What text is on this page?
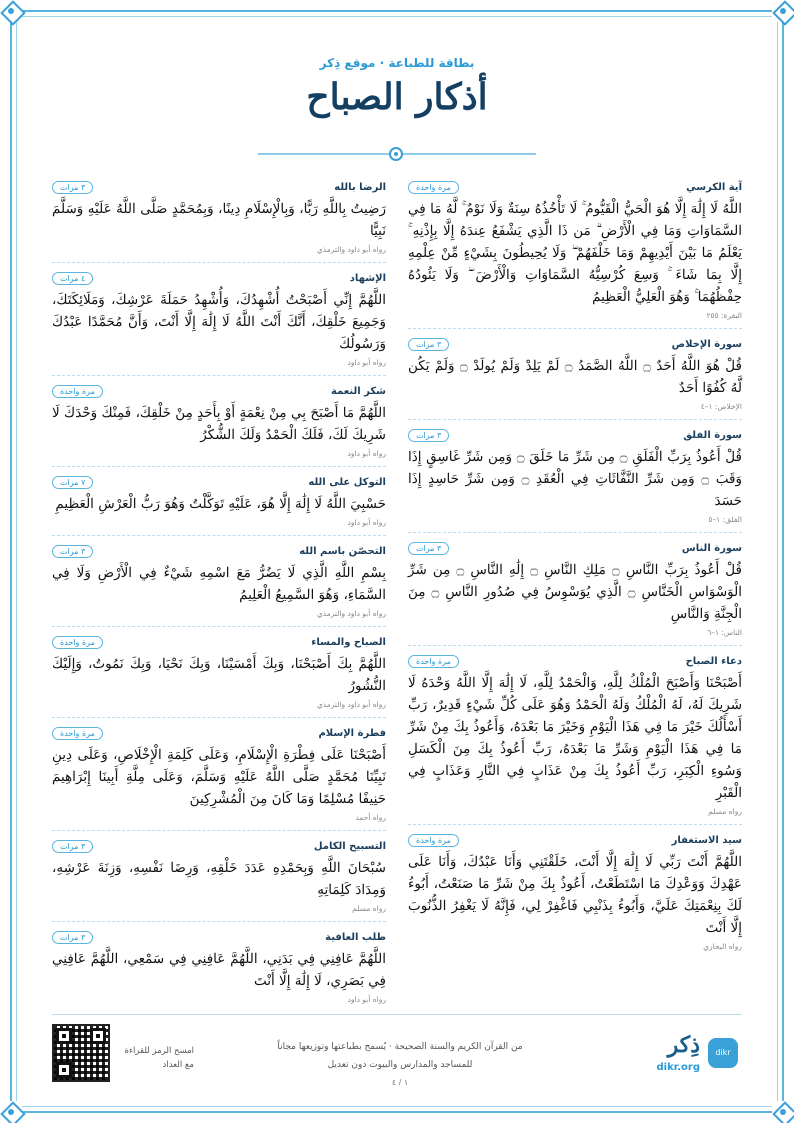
بطاقة للطباعة · موقع ذِكر
أذكار الصباح
آية الكرسي
مرة واحدة
اللَّهُ لَا إِلَٰهَ إِلَّا هُوَ الْحَيُّ الْقَيُّومُ ۚ لَا تَأْخُذُهُ سِنَةٌ وَلَا نَوْمٌ ۚ لَّهُ مَا فِي السَّمَاوَاتِ وَمَا فِي الْأَرْضِ ۗ مَن ذَا الَّذِي يَشْفَعُ عِندَهُ إِلَّا بِإِذْنِهِ ۚ يَعْلَمُ مَا بَيْنَ أَيْدِيهِمْ وَمَا خَلْفَهُمْ ۖ وَلَا يُحِيطُونَ بِشَيْءٍ مِّنْ عِلْمِهِ إِلَّا بِمَا شَاءَ ۚ وَسِعَ كُرْسِيُّهُ السَّمَاوَاتِ وَالْأَرْضَ ۖ وَلَا يَئُودُهُ حِفْظُهُمَا ۚ وَهُوَ الْعَلِيُّ الْعَظِيمُ
البقرة: ٢٥٥
سورة الإخلاص
٣ مرات
قُلْ هُوَ اللَّهُ أَحَدٌ ۝ اللَّهُ الصَّمَدُ ۝ لَمْ يَلِدْ وَلَمْ يُولَدْ ۝ وَلَمْ يَكُن لَّهُ كُفُوًا أَحَدٌ
الإخلاص: ١–٤
سورة الفلق
٣ مرات
قُلْ أَعُوذُ بِرَبِّ الْفَلَقِ ۝ مِن شَرِّ مَا خَلَقَ ۝ وَمِن شَرِّ غَاسِقٍ إِذَا وَقَبَ ۝ وَمِن شَرِّ النَّفَّاثَاتِ فِي الْعُقَدِ ۝ وَمِن شَرِّ حَاسِدٍ إِذَا حَسَدَ
الفلق: ١–٥
سورة الناس
٣ مرات
قُلْ أَعُوذُ بِرَبِّ النَّاسِ ۝ مَلِكِ النَّاسِ ۝ إِلَٰهِ النَّاسِ ۝ مِن شَرِّ الْوَسْوَاسِ الْخَنَّاسِ ۝ الَّذِي يُوَسْوِسُ فِي صُدُورِ النَّاسِ ۝ مِنَ الْجِنَّةِ وَالنَّاسِ
الناس: ١–٦
دعاء الصباح
مرة واحدة
أَصْبَحْنَا وَأَصْبَحَ الْمُلْكُ لِلَّهِ، وَالْحَمْدُ لِلَّهِ، لَا إِلَٰهَ إِلَّا اللَّهُ وَحْدَهُ لَا شَرِيكَ لَهُ، لَهُ الْمُلْكُ وَلَهُ الْحَمْدُ وَهُوَ عَلَى كُلِّ شَيْءٍ قَدِيرٌ، رَبِّ أَسْأَلُكَ خَيْرَ مَا فِي هَذَا الْيَوْمِ وَخَيْرَ مَا بَعْدَهُ، وَأَعُوذُ بِكَ مِنْ شَرِّ مَا فِي هَذَا الْيَوْمِ وَشَرِّ مَا بَعْدَهُ، رَبِّ أَعُوذُ بِكَ مِنَ الْكَسَلِ وَسُوءِ الْكِبَرِ، رَبِّ أَعُوذُ بِكَ مِنْ عَذَابٍ فِي النَّارِ وَعَذَابٍ فِي الْقَبْرِ
رواه مسلم
سيد الاستغفار
مرة واحدة
اللَّهُمَّ أَنْتَ رَبِّي لَا إِلَٰهَ إِلَّا أَنْتَ، خَلَقْتَنِي وَأَنَا عَبْدُكَ، وَأَنَا عَلَى عَهْدِكَ وَوَعْدِكَ مَا اسْتَطَعْتُ، أَعُوذُ بِكَ مِنْ شَرِّ مَا صَنَعْتُ، أَبُوءُ لَكَ بِنِعْمَتِكَ عَلَيَّ، وَأَبُوءُ بِذَنْبِي فَاغْفِرْ لِي، فَإِنَّهُ لَا يَغْفِرُ الذُّنُوبَ إِلَّا أَنْتَ
رواه البخاري
الرضا بالله
٣ مرات
رَضِيتُ بِاللَّهِ رَبًّا، وَبِالْإِسْلَامِ دِينًا، وَبِمُحَمَّدٍ صَلَّى اللَّهُ عَلَيْهِ وَسَلَّمَ نَبِيًّا
رواه أبو داود والترمذي
الإشهاد
٤ مرات
اللَّهُمَّ إِنِّي أَصْبَحْتُ أُشْهِدُكَ، وَأُشْهِدُ حَمَلَةَ عَرْشِكَ، وَمَلَائِكَتَكَ، وَجَمِيعَ خَلْقِكَ، أَنَّكَ أَنْتَ اللَّهُ لَا إِلَٰهَ إِلَّا أَنْتَ، وَأَنَّ مُحَمَّدًا عَبْدُكَ وَرَسُولُكَ
رواه أبو داود
شكر النعمة
مرة واحدة
اللَّهُمَّ مَا أَصْبَحَ بِي مِنْ نِعْمَةٍ أَوْ بِأَحَدٍ مِنْ خَلْقِكَ، فَمِنْكَ وَحْدَكَ لَا شَرِيكَ لَكَ، فَلَكَ الْحَمْدُ وَلَكَ الشُّكْرُ
رواه أبو داود
التوكل على الله
٧ مرات
حَسْبِيَ اللَّهُ لَا إِلَٰهَ إِلَّا هُوَ، عَلَيْهِ تَوَكَّلْتُ وَهُوَ رَبُّ الْعَرْشِ الْعَظِيمِ
رواه أبو داود
التحصّن باسم الله
٣ مرات
بِسْمِ اللَّهِ الَّذِي لَا يَضُرُّ مَعَ اسْمِهِ شَيْءٌ فِي الْأَرْضِ وَلَا فِي السَّمَاءِ، وَهُوَ السَّمِيعُ الْعَلِيمُ
رواه أبو داود والترمذي
الصباح والمساء
مرة واحدة
اللَّهُمَّ بِكَ أَصْبَحْنَا، وَبِكَ أَمْسَيْنَا، وَبِكَ نَحْيَا، وَبِكَ نَمُوتُ، وَإِلَيْكَ النُّشُورُ
رواه أبو داود والترمذي
فطرة الإسلام
مرة واحدة
أَصْبَحْنَا عَلَى فِطْرَةِ الْإِسْلَامِ، وَعَلَى كَلِمَةِ الْإِخْلَاصِ، وَعَلَى دِينِ نَبِيِّنَا مُحَمَّدٍ صَلَّى اللَّهُ عَلَيْهِ وَسَلَّمَ، وَعَلَى مِلَّةِ أَبِينَا إِبْرَاهِيمَ حَنِيفًا مُسْلِمًا وَمَا كَانَ مِنَ الْمُشْرِكِينَ
رواه أحمد
التسبيح الكامل
٣ مرات
سُبْحَانَ اللَّهِ وَبِحَمْدِهِ عَدَدَ خَلْقِهِ، وَرِضَا نَفْسِهِ، وَزِنَةَ عَرْشِهِ، وَمِدَادَ كَلِمَاتِهِ
رواه مسلم
طلب العافية
٣ مرات
اللَّهُمَّ عَافِنِي فِي بَدَنِي، اللَّهُمَّ عَافِنِي فِي سَمْعِي، اللَّهُمَّ عَافِنِي فِي بَصَرِي، لَا إِلَٰهَ إِلَّا أَنْتَ
رواه أبو داود
امسح الرمز للقراءة مع العداد
من القرآن الكريم والسنة الصحيحة · يُسمح بطباعتها وتوزيعها مجاناً
للمساجد والمدارس والبيوت دون تعديل
١ / ٤
ذِكر
dikr.org
dikr
